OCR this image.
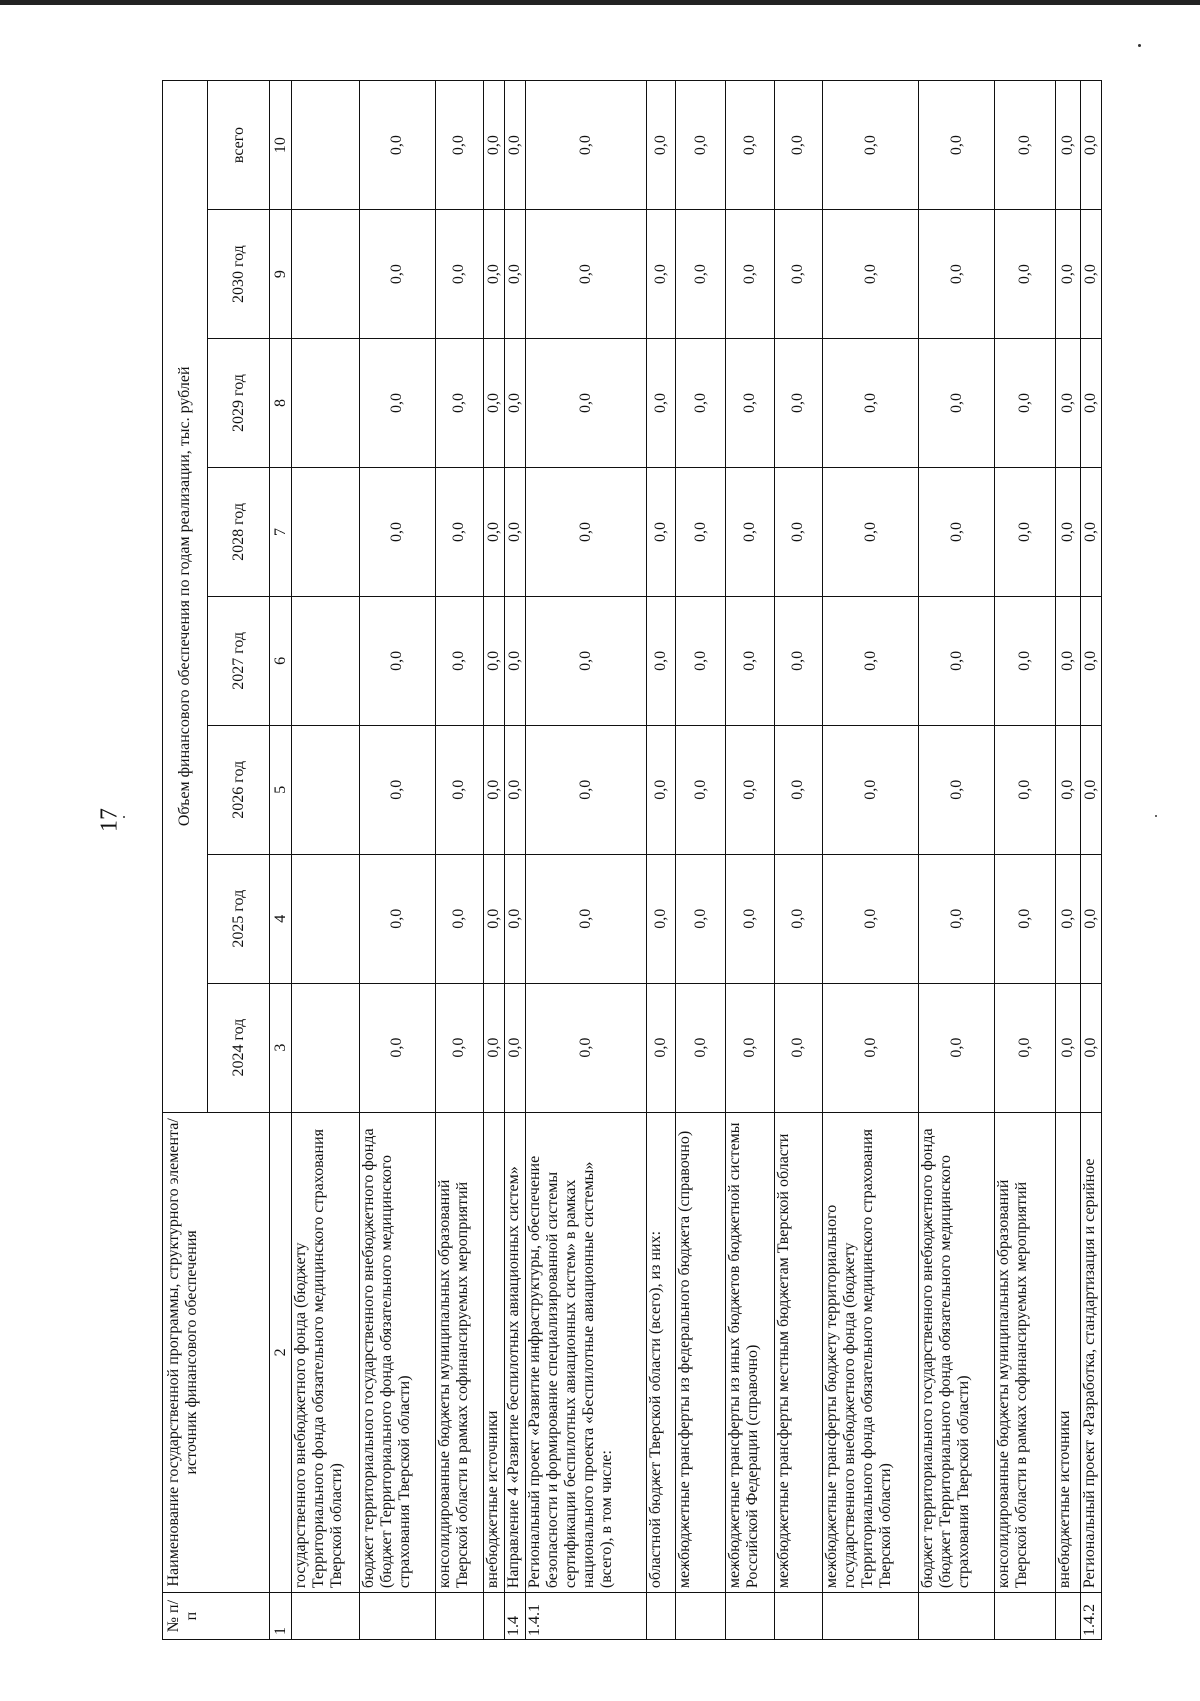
17
№ п/п	Наименование государственной программы, структурного элемента/источник финансового обеспечения	Объем финансового обеспечения по годам реализации, тыс. рублей							
		2024 год	2025 год	2026 год	2027 год	2028 год	2029 год	2030 год	всего
1	2	3	4	5	6	7	8	9	10
	государственного внебюджетного фонда (бюджету Территориального фонда обязательного медицинского страхования Тверской области)								
	бюджет территориального государственного внебюджетного фонда (бюджет Территориального фонда обязательного медицинского страхования Тверской области)	0,0	0,0	0,0	0,0	0,0	0,0	0,0	0,0
	консолидированные бюджеты муниципальных образований Тверской области в рамках софинансируемых мероприятий	0,0	0,0	0,0	0,0	0,0	0,0	0,0	0,0
	внебюджетные источники	0,0	0,0	0,0	0,0	0,0	0,0	0,0	0,0
1.4	Направление 4 «Развитие беспилотных авиационных систем»	0,0	0,0	0,0	0,0	0,0	0,0	0,0	0,0
1.4.1	Региональный проект «Развитие инфраструктуры, обеспечение безопасности и формирование специализированной системы сертификации беспилотных авиационных систем» в рамках национального проекта «Беспилотные авиационные системы» (всего), в том числе:	0,0	0,0	0,0	0,0	0,0	0,0	0,0	0,0
	областной бюджет Тверской области (всего), из них:	0,0	0,0	0,0	0,0	0,0	0,0	0,0	0,0
	межбюджетные трансферты из федерального бюджета (справочно)	0,0	0,0	0,0	0,0	0,0	0,0	0,0	0,0
	межбюджетные трансферты из иных бюджетов бюджетной системы Российской Федерации (справочно)	0,0	0,0	0,0	0,0	0,0	0,0	0,0	0,0
	межбюджетные трансферты местным бюджетам Тверской области	0,0	0,0	0,0	0,0	0,0	0,0	0,0	0,0
	межбюджетные трансферты бюджету территориального государственного внебюджетного фонда (бюджету Территориального фонда обязательного медицинского страхования Тверской области)	0,0	0,0	0,0	0,0	0,0	0,0	0,0	0,0
	бюджет территориального государственного внебюджетного фонда (бюджет Территориального фонда обязательного медицинского страхования Тверской области)	0,0	0,0	0,0	0,0	0,0	0,0	0,0	0,0
	консолидированные бюджеты муниципальных образований Тверской области в рамках софинансируемых мероприятий	0,0	0,0	0,0	0,0	0,0	0,0	0,0	0,0
	внебюджетные источники	0,0	0,0	0,0	0,0	0,0	0,0	0,0	0,0
1.4.2	Региональный проект «Разработка, стандартизация и серийное	0,0	0,0	0,0	0,0	0,0	0,0	0,0	0,0
